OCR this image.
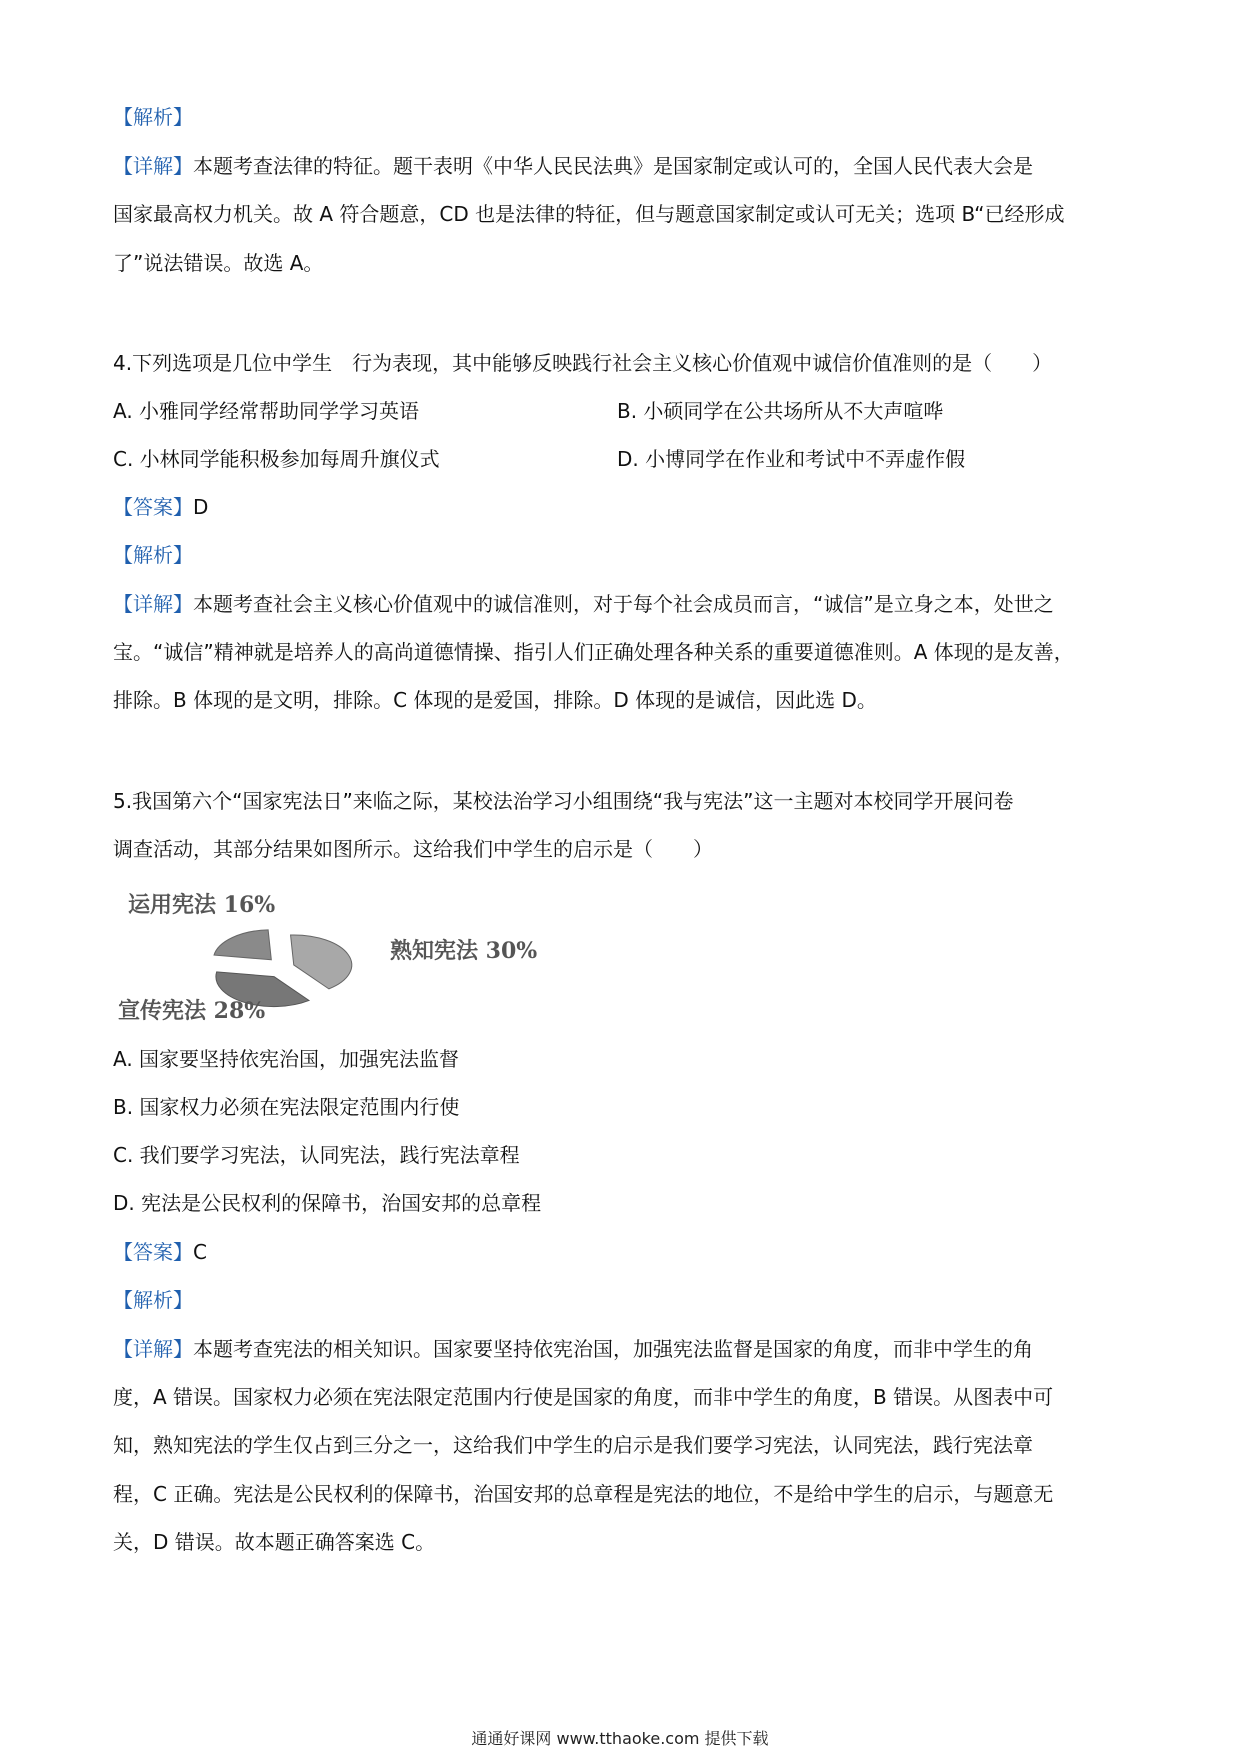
【解析】
【详解】本题考查法律的特征。题干表明《中华人民民法典》是国家制定或认可的，全国人民代表大会是
国家最高权力机关。故 A 符合题意，CD 也是法律的特征，但与题意国家制定或认可无关；选项 B“已经形成
了”说法错误。故选 A。
4.下列选项是几位中学生　行为表现，其中能够反映践行社会主义核心价值观中诚信价值准则的是（　　）
A. 小雅同学经常帮助同学学习英语	B. 小硕同学在公共场所从不大声喧哗
C. 小林同学能积极参加每周升旗仪式	D. 小博同学在作业和考试中不弄虚作假
【答案】D
【解析】
【详解】本题考查社会主义核心价值观中的诚信准则，对于每个社会成员而言，“诚信”是立身之本，处世之
宝。“诚信”精神就是培养人的高尚道德情操、指引人们正确处理各种关系的重要道德准则。A 体现的是友善，
排除。B 体现的是文明，排除。C 体现的是爱国，排除。D 体现的是诚信，因此选 D。
5.我国第六个“国家宪法日”来临之际，某校法治学习小组围绕“我与宪法”这一主题对本校同学开展问卷
调查活动，其部分结果如图所示。这给我们中学生的启示是（　　）
运用宪法 16%
熟知宪法 30%
宣传宪法 28%
A. 国家要坚持依宪治国，加强宪法监督
B. 国家权力必须在宪法限定范围内行使
C. 我们要学习宪法，认同宪法，践行宪法章程
D. 宪法是公民权利的保障书，治国安邦的总章程
【答案】C
【解析】
【详解】本题考查宪法的相关知识。国家要坚持依宪治国，加强宪法监督是国家的角度，而非中学生的角
度，A 错误。国家权力必须在宪法限定范围内行使是国家的角度，而非中学生的角度，B 错误。从图表中可
知，熟知宪法的学生仅占到三分之一，这给我们中学生的启示是我们要学习宪法，认同宪法，践行宪法章
程，C 正确。宪法是公民权利的保障书，治国安邦的总章程是宪法的地位，不是给中学生的启示，与题意无
关，D 错误。故本题正确答案选 C。
通通好课网 www.tthaoke.com 提供下载
